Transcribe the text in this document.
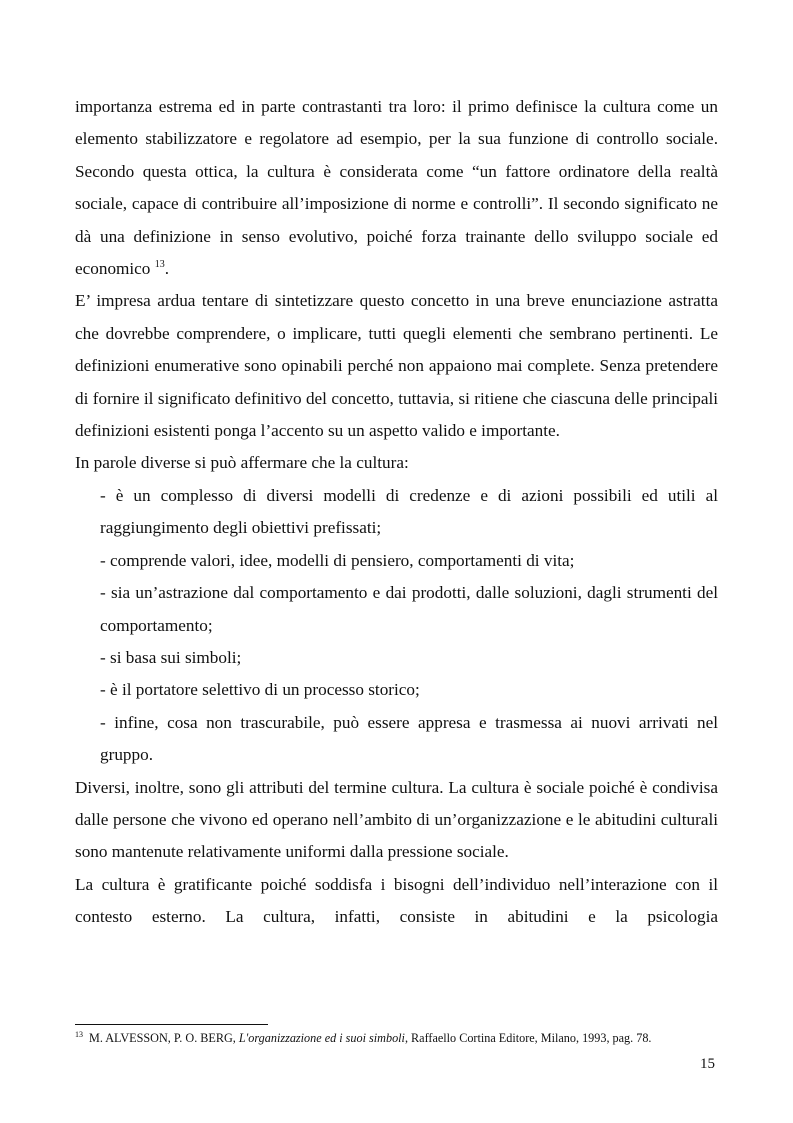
importanza estrema ed in parte contrastanti tra loro: il primo definisce la cultura come un elemento stabilizzatore e regolatore ad esempio, per la sua funzione di controllo sociale. Secondo questa ottica, la cultura è considerata come “un fattore ordinatore della realtà sociale, capace di contribuire all’imposizione di norme e controlli”. Il secondo significato ne dà una definizione in senso evolutivo, poiché forza trainante dello sviluppo sociale ed economico $^{13}$.

E’ impresa ardua tentare di sintetizzare questo concetto in una breve enunciazione astratta che dovrebbe comprendere, o implicare, tutti quegli elementi che sembrano pertinenti. Le definizioni enumerative sono opinabili perché non appaiono mai complete. Senza pretendere di fornire il significato definitivo del concetto, tuttavia, si ritiene che ciascuna delle principali definizioni esistenti ponga l’accento su un aspetto valido e importante.

In parole diverse si può affermare che la cultura:

- è un complesso di diversi modelli di credenze e di azioni possibili ed utili al raggiungimento degli obiettivi prefissati;

- comprende valori, idee, modelli di pensiero, comportamenti di vita;

- sia un’astrazione dal comportamento e dai prodotti, dalle soluzioni, dagli strumenti del comportamento;

- si basa sui simboli;

- è il portatore selettivo di un processo storico;

- infine, cosa non trascurabile, può essere appresa e trasmessa ai nuovi arrivati nel gruppo.

Diversi, inoltre, sono gli attributi del termine cultura. La cultura è sociale poiché è condivisa dalle persone che vivono ed operano nell’ambito di un’organizzazione e le abitudini culturali sono mantenute relativamente uniformi dalla pressione sociale.

La cultura è gratificante poiché soddisfa i bisogni dell’individuo nell’interazione con il contesto esterno. La cultura, infatti, consiste in abitudini e la psicologia

$^{13}$ M. ALVESSON, P. O. BERG, L'organizzazione ed i suoi simboli, Raffaello Cortina Editore, Milano, 1993, pag. 78.
15
